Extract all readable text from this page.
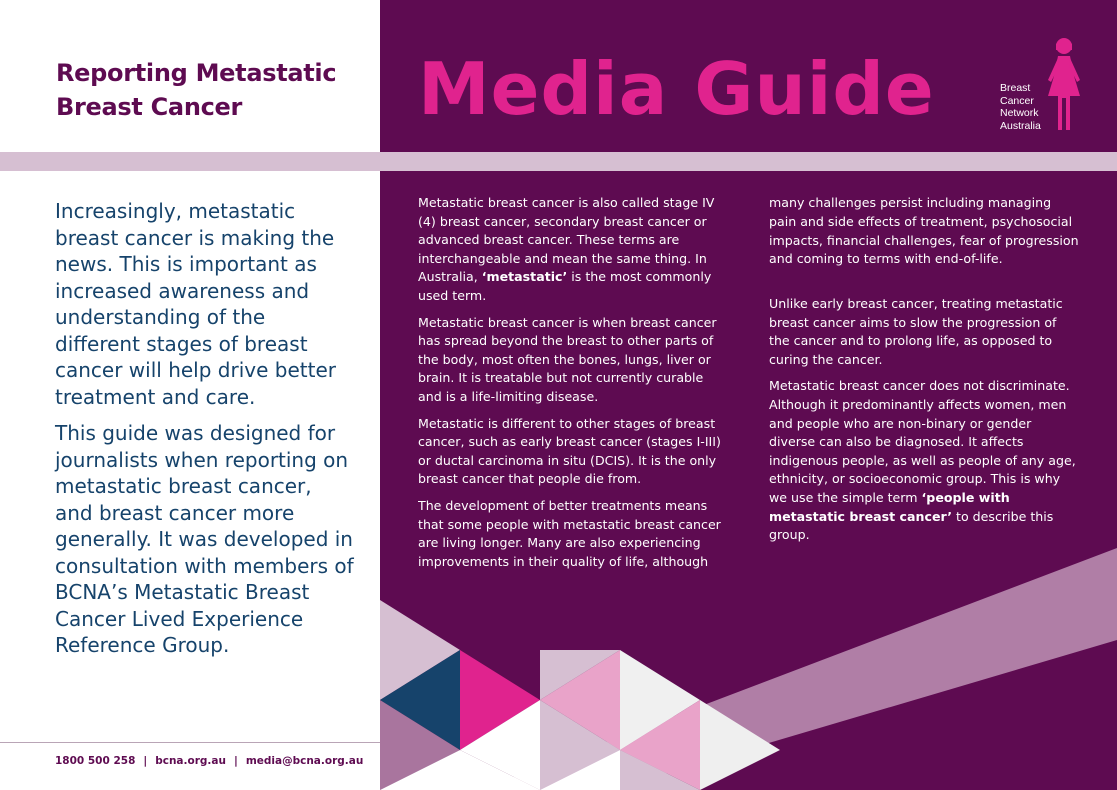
Reporting Metastatic
Breast Cancer	Media Guide	Breast
Cancer
Network
Australia

Metastatic breast cancer is also called stage IV (4) breast cancer, secondary breast cancer or advanced breast cancer. These terms are interchangeable and mean the same thing. In Australia, ‘metastatic’ is the most commonly used term.

Metastatic breast cancer is when breast cancer has spread beyond the breast to other parts of the body, most often the bones, lungs, liver or brain. It is treatable but not currently curable and is a life-limiting disease.

Metastatic is different to other stages of breast cancer, such as early breast cancer (stages I-III) or ductal carcinoma in situ (DCIS). It is the only breast cancer that people die from.

The development of better treatments means that some people with metastatic breast cancer are living longer. Many are also experiencing improvements in their quality of life, although

many challenges persist including managing pain and side effects of treatment, psychosocial impacts, financial challenges, fear of progression and coming to terms with end-of-life.

Unlike early breast cancer, treating metastatic breast cancer aims to slow the progression of the cancer and to prolong life, as opposed to curing the cancer.

Metastatic breast cancer does not discriminate. Although it predominantly affects women, men and people who are non-binary or gender diverse can also be diagnosed. It affects indigenous people, as well as people of any age, ethnicity, or socioeconomic group. This is why we use the simple term ‘people with metastatic breast cancer’ to describe this group.

Increasingly, metastatic breast cancer is making the news. This is important as increased awareness and understanding of the different stages of breast cancer will help drive better treatment and care.

This guide was designed for journalists when reporting on metastatic breast cancer, and breast cancer more generally. It was developed in consultation with members of BCNA’s Metastatic Breast Cancer Lived Experience Reference Group.

1800 500 258 | bcna.org.au | media@bcna.org.au
